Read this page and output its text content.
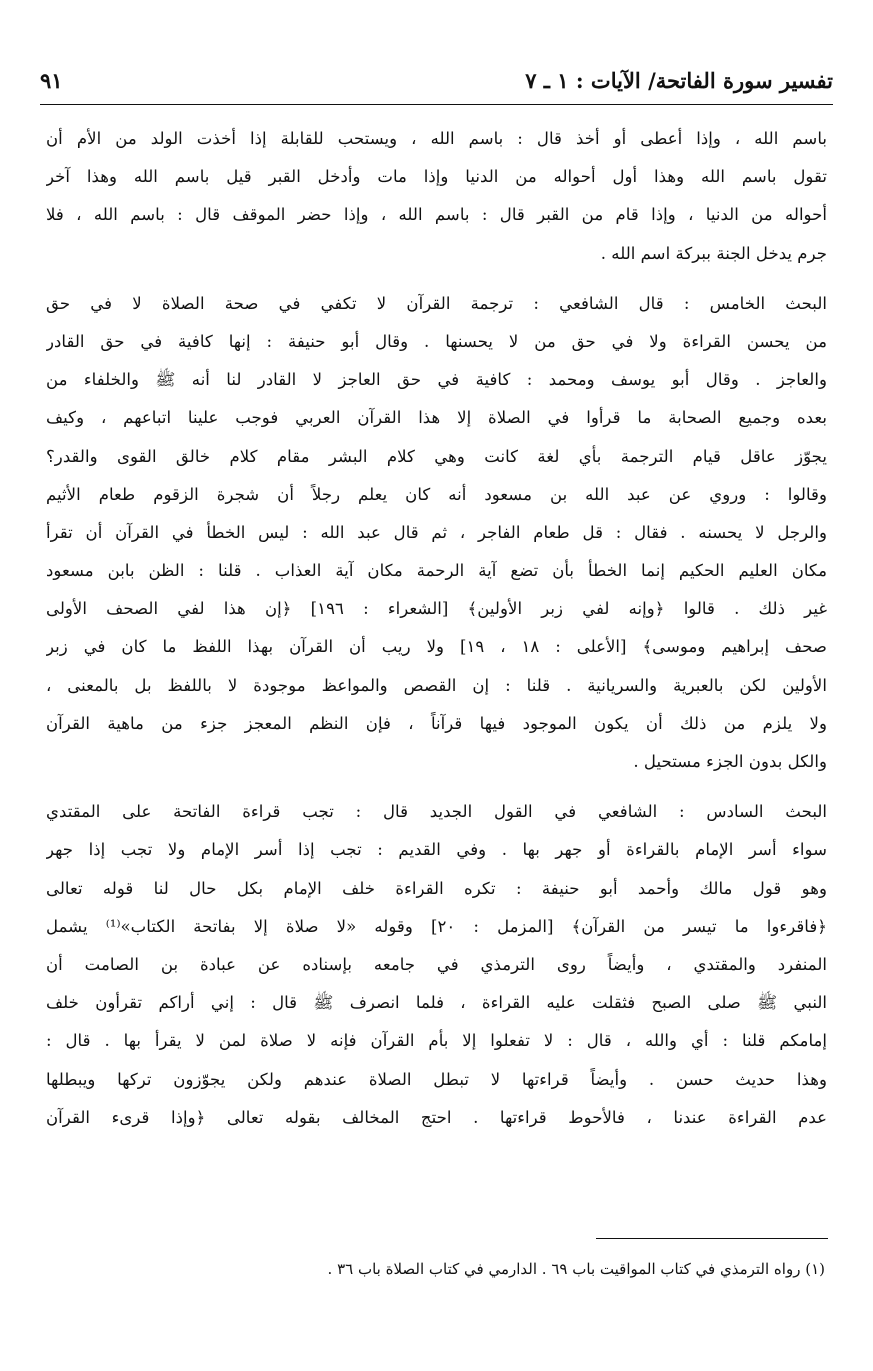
تفسير سورة الفاتحة/ الآيات : ١ ـ ٧
٩١
باسم الله ، وإذا أعطى أو أخذ قال : باسم الله ، ويستحب للقابلة إذا أخذت الولد من الأم أن
تقول باسم الله وهذا أول أحواله من الدنيا وإذا مات وأدخل القبر قيل باسم الله وهذا آخر
أحواله من الدنيا ، وإذا قام من القبر قال : باسم الله ، وإذا حضر الموقف قال : باسم الله ، فلا
جرم يدخل الجنة ببركة اسم الله .
البحث الخامس : قال الشافعي : ترجمة القرآن لا تكفي في صحة الصلاة لا في حق
من يحسن القراءة ولا في حق من لا يحسنها . وقال أبو حنيفة : إنها كافية في حق القادر
والعاجز . وقال أبو يوسف ومحمد : كافية في حق العاجز لا القادر لنا أنه ﷺ والخلفاء من
بعده وجميع الصحابة ما قرأوا في الصلاة إلا هذا القرآن العربي فوجب علينا اتباعهم ، وكيف
يجوّز عاقل قيام الترجمة بأي لغة كانت وهي كلام البشر مقام كلام خالق القوى والقدر؟
وقالوا : وروي عن عبد الله بن مسعود أنه كان يعلم رجلاً أن شجرة الزقوم طعام الأثيم
والرجل لا يحسنه . فقال : قل طعام الفاجر ، ثم قال عبد الله : ليس الخطأ في القرآن أن تقرأ
مكان العليم الحكيم إنما الخطأ بأن تضع آية الرحمة مكان آية العذاب . قلنا : الظن بابن مسعود
غير ذلك . قالوا ﴿وإنه لفي زبر الأولين﴾ [الشعراء : ١٩٦] ﴿إن هذا لفي الصحف الأولى
صحف إبراهيم وموسى﴾ [الأعلى : ١٨ ، ١٩] ولا ريب أن القرآن بهذا اللفظ ما كان في زبر
الأولين لكن بالعبرية والسريانية . قلنا : إن القصص والمواعظ موجودة لا باللفظ بل بالمعنى ،
ولا يلزم من ذلك أن يكون الموجود فيها قرآناً ، فإن النظم المعجز جزء من ماهية القرآن
والكل بدون الجزء مستحيل .
البحث السادس : الشافعي في القول الجديد قال : تجب قراءة الفاتحة على المقتدي
سواء أسر الإمام بالقراءة أو جهر بها . وفي القديم : تجب إذا أسر الإمام ولا تجب إذا جهر
وهو قول مالك وأحمد أبو حنيفة : تكره القراءة خلف الإمام بكل حال لنا قوله تعالى
﴿فاقرءوا ما تيسر من القرآن﴾ [المزمل : ٢٠] وقوله «لا صلاة إلا بفاتحة الكتاب»⁽¹⁾ يشمل
المنفرد والمقتدي ، وأيضاً روى الترمذي في جامعه بإسناده عن عبادة بن الصامت أن
النبي ﷺ صلى الصبح فثقلت عليه القراءة ، فلما انصرف ﷺ قال : إني أراكم تقرأون خلف
إمامكم قلنا : أي والله ، قال : لا تفعلوا إلا بأم القرآن فإنه لا صلاة لمن لا يقرأ بها . قال :
وهذا حديث حسن . وأيضاً قراءتها لا تبطل الصلاة عندهم ولكن يجوّزون تركها ويبطلها
عدم القراءة عندنا ، فالأحوط قراءتها . احتج المخالف بقوله تعالى ﴿وإذا قرىء القرآن
(١) رواه الترمذي في كتاب المواقيت باب ٦٩ . الدارمي في كتاب الصلاة باب ٣٦ .
